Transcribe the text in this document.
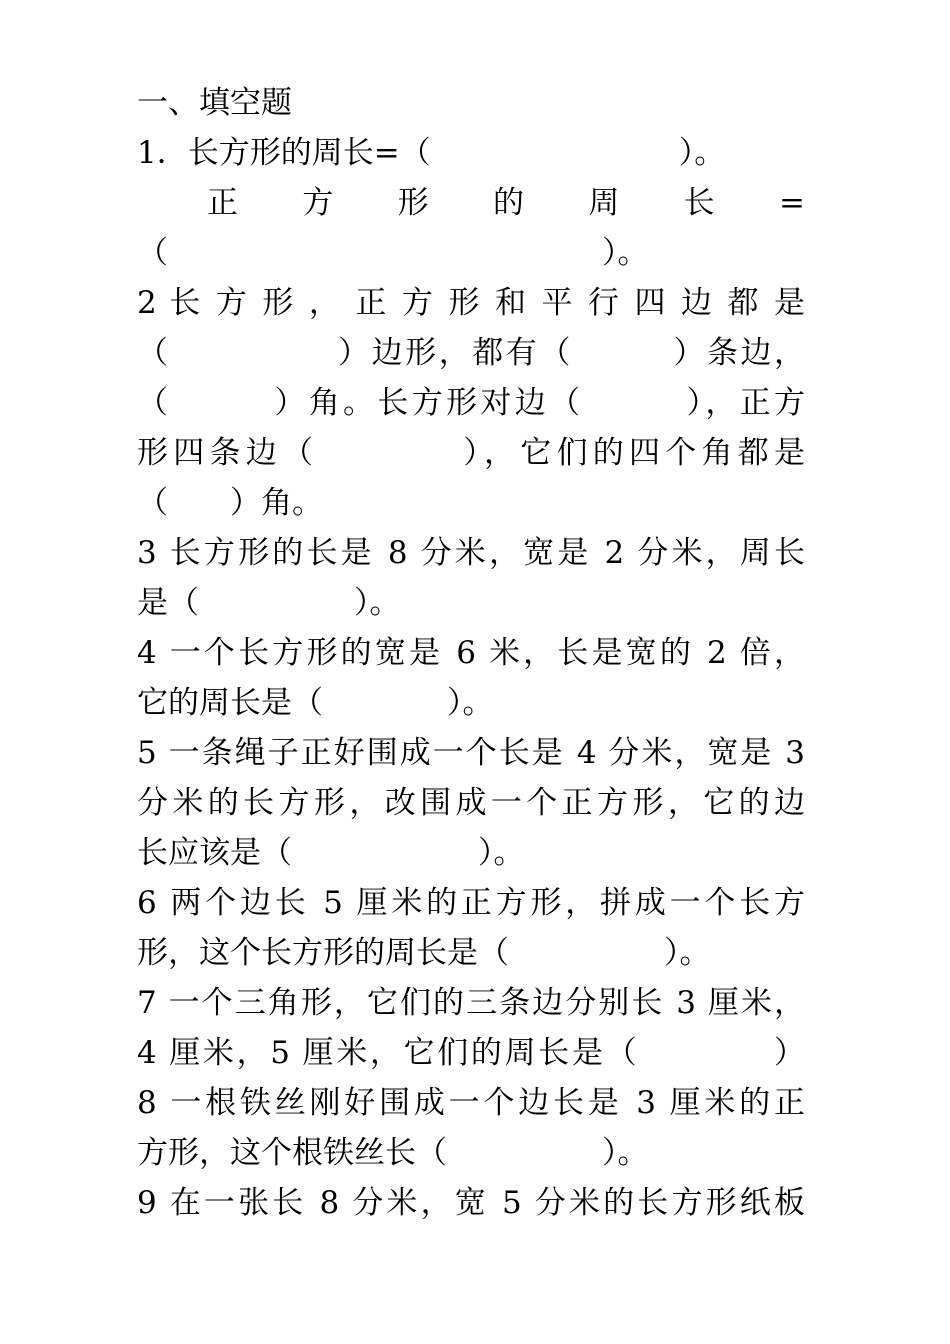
一、填空题
1．长方形的周长=（　　　　　　　　）。
正 方 形 的 周 长 =
（　　　　　　　　　　　　　　）。
2 长 方 形 ， 正 方 形 和 平 行 四 边 都 是
（　　　　　）边形，都有（　　　）条边，
（　　　）角。长方形对边（　　　），正方
形四条边（　　　　），它们的四个角都是
（　　）角。
3 长方形的长是 8 分米，宽是 2 分米，周长
是（　　　　　）。
4 一个长方形的宽是 6 米，长是宽的 2 倍，
它的周长是（　　　　）。
5 一条绳子正好围成一个长是 4 分米，宽是 3
分米的长方形，改围成一个正方形，它的边
长应该是（　　　　　　）。
6 两个边长 5 厘米的正方形，拼成一个长方
形，这个长方形的周长是（　　　　　）。
7 一个三角形，它们的三条边分别长 3 厘米，
4 厘米，5 厘米，它们的周长是（　　　　）
8 一根铁丝刚好围成一个边长是 3 厘米的正
方形，这个根铁丝长（　　　　　）。
9 在一张长 8 分米，宽 5 分米的长方形纸板
